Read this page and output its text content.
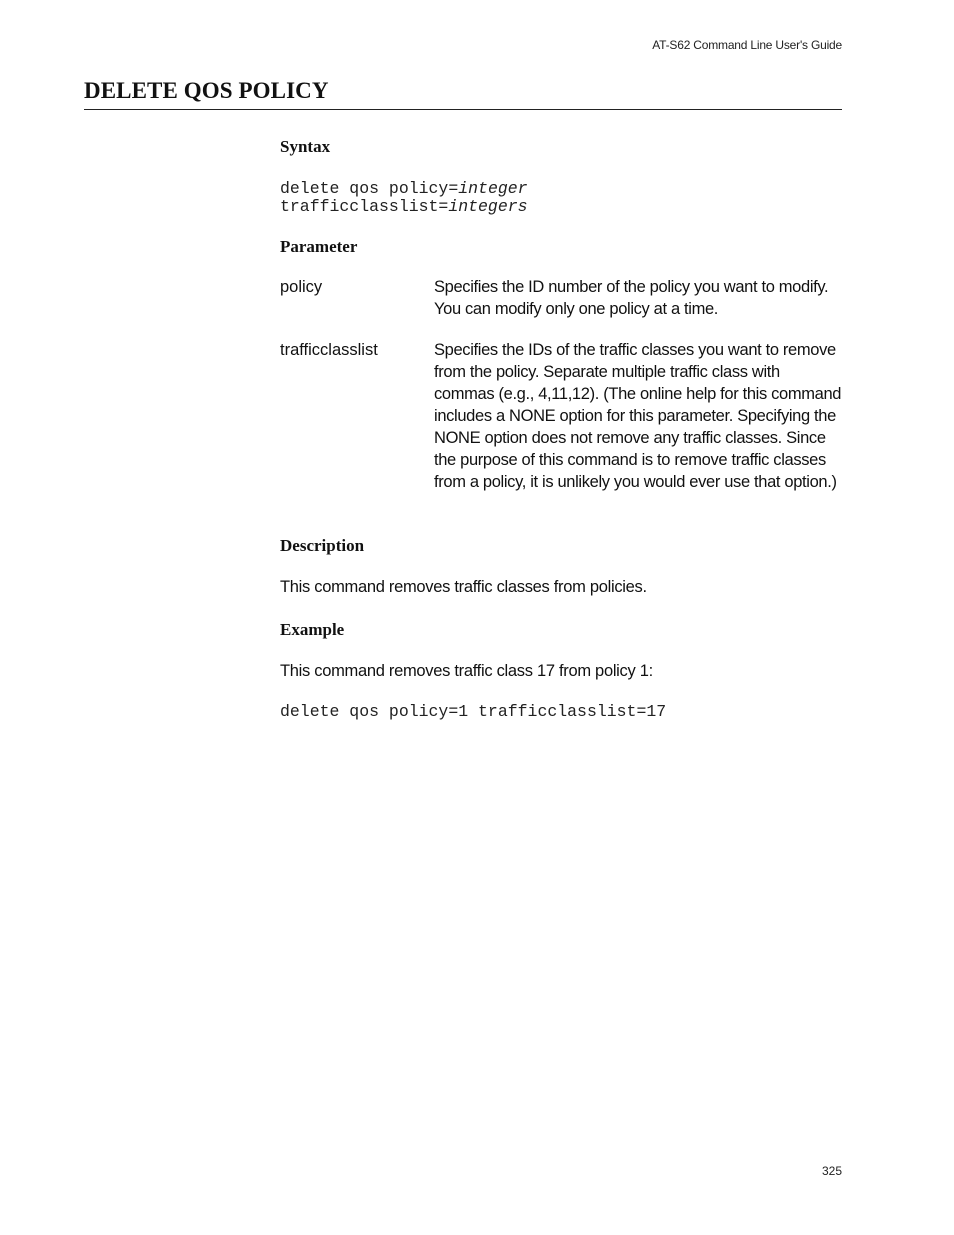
AT-S62 Command Line User's Guide
DELETE QOS POLICY
Syntax
delete qos policy=integer
trafficclasslist=integers
Parameter
policy	Specifies the ID number of the policy you want to modify. You can modify only one policy at a time.
trafficclasslist	Specifies the IDs of the traffic classes you want to remove from the policy. Separate multiple traffic class with commas (e.g., 4,11,12). (The online help for this command includes a NONE option for this parameter. Specifying the NONE option does not remove any traffic classes. Since the purpose of this command is to remove traffic classes from a policy, it is unlikely you would ever use that option.)
Description
This command removes traffic classes from policies.
Example
This command removes traffic class 17 from policy 1:
delete qos policy=1 trafficclasslist=17
325
